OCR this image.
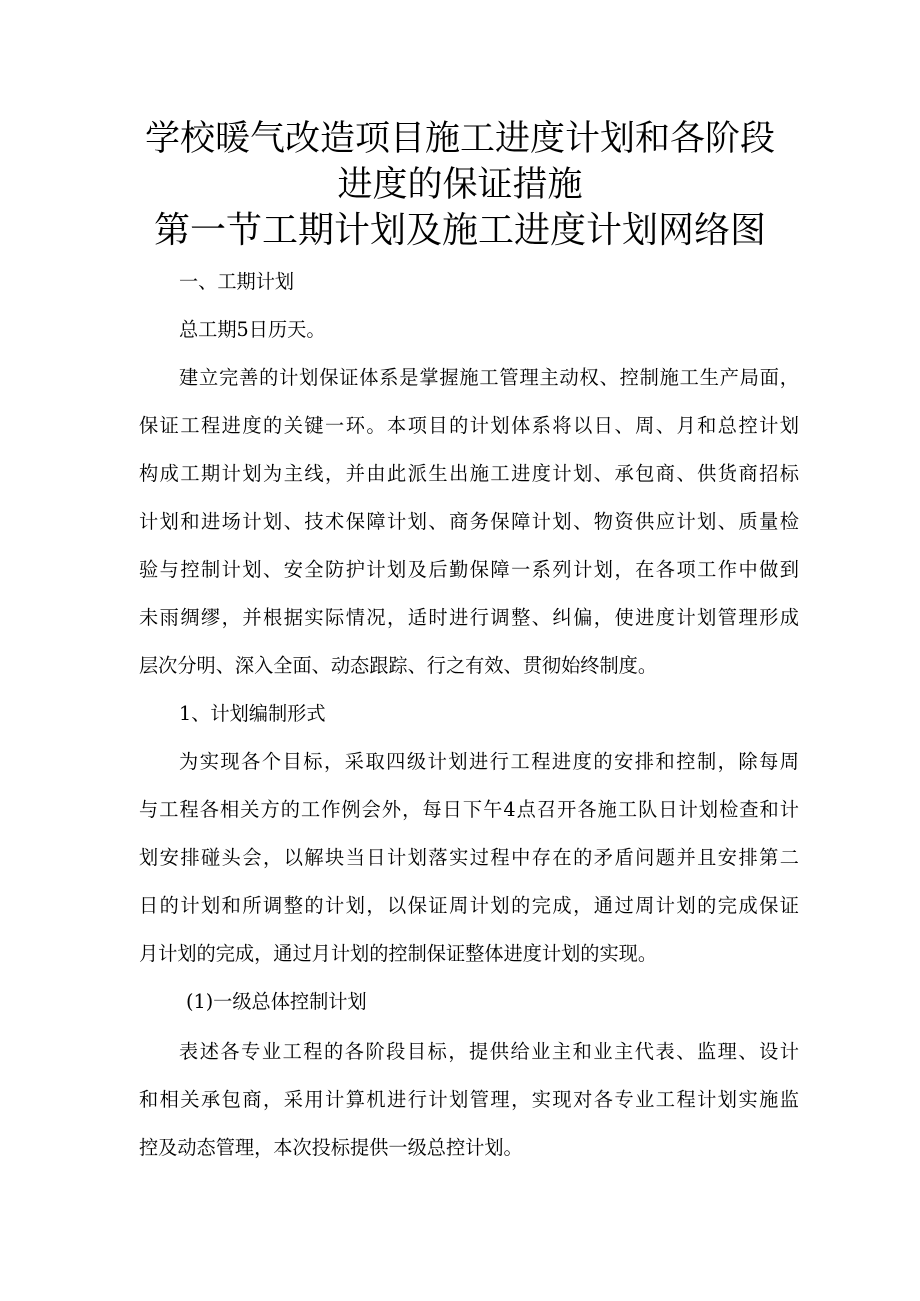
学校暖气改造项目施工进度计划和各阶段
进度的保证措施
第一节工期计划及施工进度计划网络图
一、工期计划
总工期5日历天。
建立完善的计划保证体系是掌握施工管理主动权、控制施工生产局面，
保证工程进度的关键一环。本项目的计划体系将以日、周、月和总控计划
构成工期计划为主线，并由此派生出施工进度计划、承包商、供货商招标
计划和进场计划、技术保障计划、商务保障计划、物资供应计划、质量检
验与控制计划、安全防护计划及后勤保障一系列计划，在各项工作中做到
未雨绸缪，并根据实际情况，适时进行调整、纠偏，使进度计划管理形成
层次分明、深入全面、动态跟踪、行之有效、贯彻始终制度。
1、计划编制形式
为实现各个目标，采取四级计划进行工程进度的安排和控制，除每周
与工程各相关方的工作例会外，每日下午4点召开各施工队日计划检查和计
划安排碰头会，以解块当日计划落实过程中存在的矛盾问题并且安排第二
日的计划和所调整的计划，以保证周计划的完成，通过周计划的完成保证
月计划的完成，通过月计划的控制保证整体进度计划的实现。
(1)一级总体控制计划
表述各专业工程的各阶段目标，提供给业主和业主代表、监理、设计
和相关承包商，采用计算机进行计划管理，实现对各专业工程计划实施监
控及动态管理，本次投标提供一级总控计划。
